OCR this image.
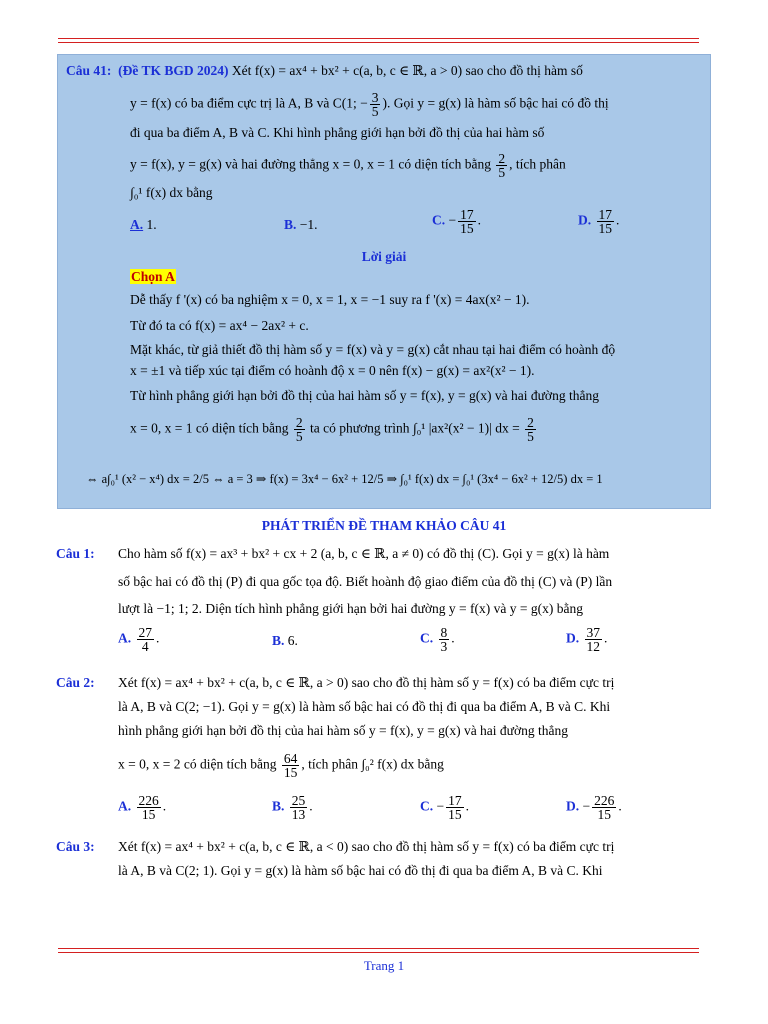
Câu 41: (Đề TK BGD 2024) Xét f(x) = ax⁴ + bx² + c(a, b, c ∈ ℝ, a > 0) sao cho đồ thị hàm số
y = f(x) có ba điểm cực trị là A, B và C(1; − $\frac{3}{5}$ ). Gọi y = g(x) là hàm số bậc hai có đồ thị
đi qua ba điểm A, B và C. Khi hình phẳng giới hạn bởi đồ thị của hai hàm số
y = f(x), y = g(x) và hai đường thẳng x = 0, x = 1 có diện tích bằng $\frac{2}{5}$ , tích phân
∫₀¹ f(x) dx bằng
A. 1.	B. −1.	C. − $\frac{17}{15}$ .	D. $\frac{17}{15}$ .
Lời giải
Chọn A
Dễ thấy f '(x) có ba nghiệm x = 0, x = 1, x = −1 suy ra f '(x) = 4ax(x² − 1).
Từ đó ta có f(x) = ax⁴ − 2ax² + c.
Mặt khác, từ giả thiết đồ thị hàm số y = f(x) và y = g(x) cắt nhau tại hai điểm có hoành độ
x = ±1 và tiếp xúc tại điểm có hoành độ x = 0 nên f(x) − g(x) = ax²(x² − 1).
Từ hình phẳng giới hạn bởi đồ thị của hai hàm số y = f(x), y = g(x) và hai đường thẳng
x = 0, x = 1 có diện tích bằng $\frac{2}{5}$ ta có phương trình ∫₀¹ |ax²(x² − 1)| dx = $\frac{2}{5}$
⇔ a∫₀¹ (x² − x⁴) dx = 2/5 ⇔ a = 3 ⇒ f(x) = 3x⁴ − 6x² + 12/5 ⇒ ∫₀¹ f(x) dx = ∫₀¹ (3x⁴ − 6x² + 12/5) dx = 1
PHÁT TRIỂN ĐỀ THAM KHẢO CÂU 41
Câu 1: Cho hàm số f(x) = ax³ + bx² + cx + 2 (a, b, c ∈ ℝ, a ≠ 0) có đồ thị (C). Gọi y = g(x) là hàm
số bậc hai có đồ thị (P) đi qua gốc tọa độ. Biết hoành độ giao điểm của đồ thị (C) và (P) lần
lượt là −1; 1; 2. Diện tích hình phẳng giới hạn bởi hai đường y = f(x) và y = g(x) bằng
A. $\frac{27}{4}$ .	B. 6.	C. $\frac{8}{3}$ .	D. $\frac{37}{12}$ .
Câu 2: Xét f(x) = ax⁴ + bx² + c(a, b, c ∈ ℝ, a > 0) sao cho đồ thị hàm số y = f(x) có ba điểm cực trị
là A, B và C(2; −1). Gọi y = g(x) là hàm số bậc hai có đồ thị đi qua ba điểm A, B và C. Khi
hình phẳng giới hạn bởi đồ thị của hai hàm số y = f(x), y = g(x) và hai đường thẳng
x = 0, x = 2 có diện tích bằng $\frac{64}{15}$ , tích phân ∫₀² f(x) dx bằng
A. $\frac{226}{15}$ .	B. $\frac{25}{13}$ .	C. − $\frac{17}{15}$ .	D. − $\frac{226}{15}$ .
Câu 3: Xét f(x) = ax⁴ + bx² + c(a, b, c ∈ ℝ, a < 0) sao cho đồ thị hàm số y = f(x) có ba điểm cực trị
là A, B và C(2; 1). Gọi y = g(x) là hàm số bậc hai có đồ thị đi qua ba điểm A, B và C. Khi
Trang 1
